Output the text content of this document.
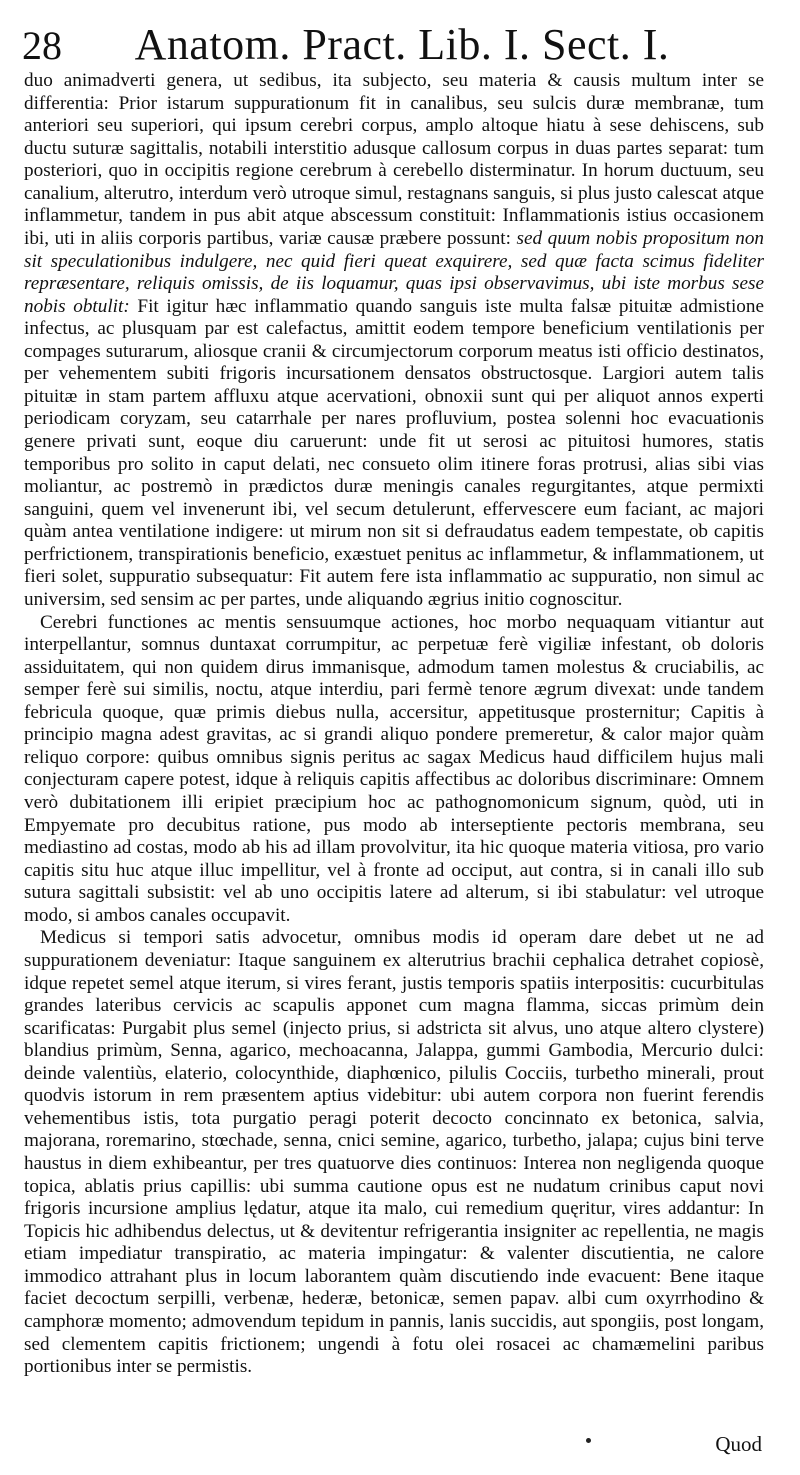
28	Anatom. Pract. Lib. I. Sect. I.

duo animadverti genera, ut sedibus, ita subjecto, seu materia & causis multum inter se differentia: Prior istarum suppurationum fit in canalibus, seu sulcis duræ membranæ, tum anteriori seu superiori, qui ipsum cerebri corpus, amplo altoque hiatu à sese dehiscens, sub ductu suturæ sagittalis, notabili interstitio adusque callosum corpus in duas partes separat: tum posteriori, quo in occipitis regione cerebrum à cerebello disterminatur. In horum ductuum, seu canalium, alterutro, interdum verò utroque simul, restagnans sanguis, si plus justo calescat atque inflammetur, tandem in pus abit atque abscessum constituit: Inflammationis istius occasionem ibi, uti in aliis corporis partibus, variæ causæ præbere possunt: sed quum nobis propositum non sit speculationibus indulgere, nec quid fieri queat exquirere, sed quæ facta scimus fideliter repræsentare, reliquis omissis, de iis loquamur, quas ipsi observavimus, ubi iste morbus sese nobis obtulit: Fit igitur hæc inflammatio quando sanguis iste multa falsæ pituitæ admistione infectus, ac plusquam par est calefactus, amittit eodem tempore beneficium ventilationis per compages suturarum, aliosque cranii & circumjectorum corporum meatus isti officio destinatos, per vehementem subiti frigoris incursationem densatos obstructosque. Largiori autem talis pituitæ in stam partem affluxu atque acervationi, obnoxii sunt qui per aliquot annos experti periodicam coryzam, seu catarrhale per nares profluvium, postea solenni hoc evacuationis genere privati sunt, eoque diu caruerunt: unde fit ut serosi ac pituitosi humores, statis temporibus pro solito in caput delati, nec consueto olim itinere foras protrusi, alias sibi vias moliantur, ac postremò in prædictos duræ meningis canales regurgitantes, atque permixti sanguini, quem vel invenerunt ibi, vel secum detulerunt, effervescere eum faciant, ac majori quàm antea ventilatione indigere: ut mirum non sit si defraudatus eadem tempestate, ob capitis perfrictionem, transpirationis beneficio, exæstuet penitus ac inflammetur, & inflammationem, ut fieri solet, suppuratio subsequatur: Fit autem fere ista inflammatio ac suppuratio, non simul ac universim, sed sensim ac per partes, unde aliquando ægrius initio cognoscitur.

Cerebri functiones ac mentis sensuumque actiones, hoc morbo nequaquam vitiantur aut interpellantur, somnus duntaxat corrumpitur, ac perpetuæ ferè vigiliæ infestant, ob doloris assiduitatem, qui non quidem dirus immanisque, admodum tamen molestus & cruciabilis, ac semper ferè sui similis, noctu, atque interdiu, pari fermè tenore ægrum divexat: unde tandem febricula quoque, quæ primis diebus nulla, accersitur, appetitusque prosternitur; Capitis à principio magna adest gravitas, ac si grandi aliquo pondere premeretur, & calor major quàm reliquo corpore: quibus omnibus signis peritus ac sagax Medicus haud difficilem hujus mali conjecturam capere potest, idque à reliquis capitis affectibus ac doloribus discriminare: Omnem verò dubitationem illi eripiet præcipium hoc ac pathognomonicum signum, quòd, uti in Empyemate pro decubitus ratione, pus modo ab interseptiente pectoris membrana, seu mediastino ad costas, modo ab his ad illam provolvitur, ita hic quoque materia vitiosa, pro vario capitis situ huc atque illuc impellitur, vel à fronte ad occiput, aut contra, si in canali illo sub sutura sagittali subsistit: vel ab uno occipitis latere ad alterum, si ibi stabulatur: vel utroque modo, si ambos canales occupavit.

Medicus si tempori satis advocetur, omnibus modis id operam dare debet ut ne ad suppurationem deveniatur: Itaque sanguinem ex alterutrius brachii cephalica detrahet copiosè, idque repetet semel atque iterum, si vires ferant, justis temporis spatiis interpositis: cucurbitulas grandes lateribus cervicis ac scapulis apponet cum magna flamma, siccas primùm dein scarificatas: Purgabit plus semel (injecto prius, si adstricta sit alvus, uno atque altero clystere) blandius primùm, Senna, agarico, mechoacanna, Jalappa, gummi Gambodia, Mercurio dulci: deinde valentiùs, elaterio, colocynthide, diaphœnico, pilulis Cocciis, turbetho minerali, prout quodvis istorum in rem præsentem aptius videbitur: ubi autem corpora non fuerint ferendis vehementibus istis, tota purgatio peragi poterit decocto concinnato ex betonica, salvia, majorana, roremarino, stœchade, senna, cnici semine, agarico, turbetho, jalapa; cujus bini terve haustus in diem exhibeantur, per tres quatuorve dies continuos: Interea non negligenda quoque topica, ablatis prius capillis: ubi summa cautione opus est ne nudatum crinibus caput novi frigoris incursione amplius lędatur, atque ita malo, cui remedium quęritur, vires addantur: In Topicis hic adhibendus delectus, ut & devitentur refrigerantia insigniter ac repellentia, ne magis etiam impediatur transpiratio, ac materia impingatur: & valenter discutientia, ne calore immodico attrahant plus in locum laborantem quàm discutiendo inde evacuent: Bene itaque faciet decoctum serpilli, verbenæ, hederæ, betonicæ, semen papav. albi cum oxyrrhodino & camphoræ momento; admovendum tepidum in pannis, lanis succidis, aut spongiis, post longam, sed clementem capitis frictionem; ungendi à fotu olei rosacei ac chamæmelini paribus portionibus inter se permistis.

Quod
